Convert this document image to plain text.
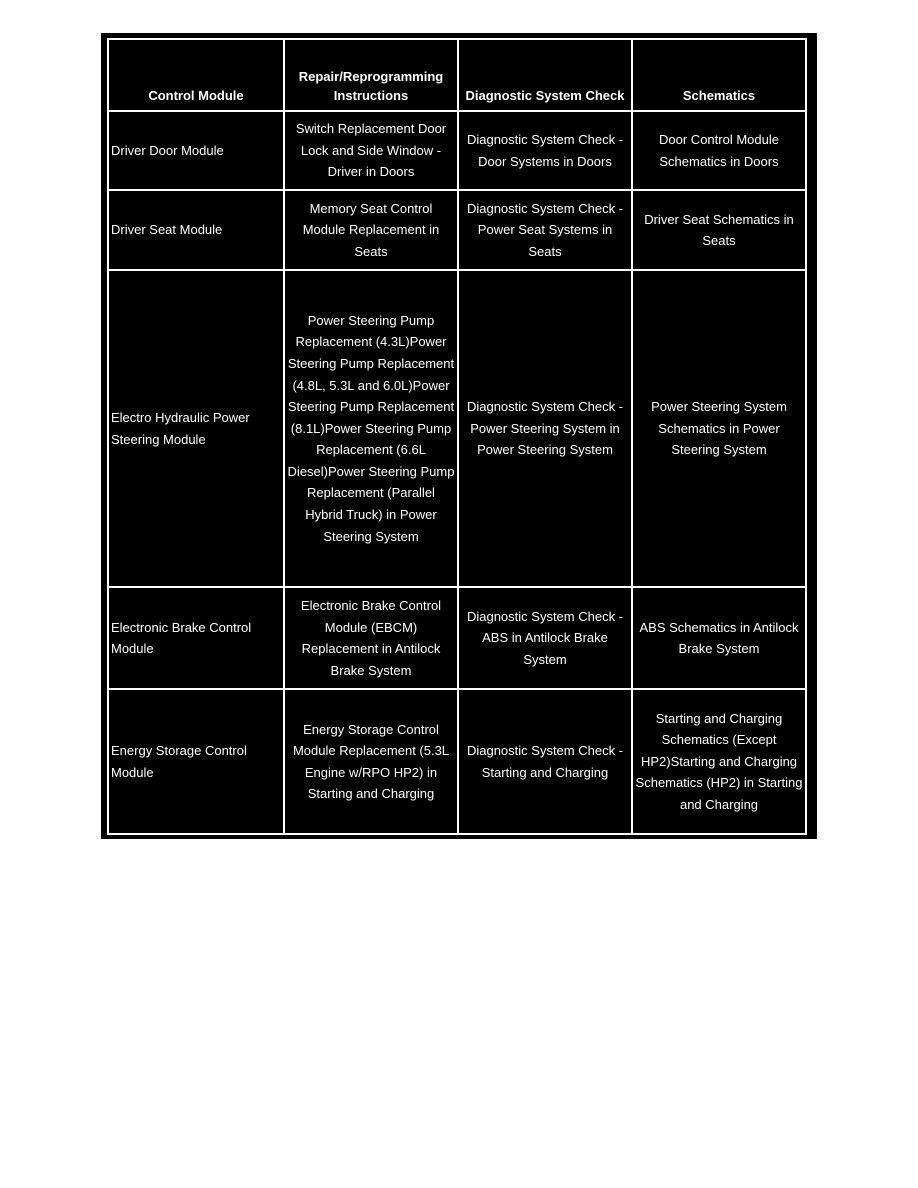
Control Module	Repair/Reprogramming Instructions	Diagnostic System Check	Schematics
Driver Door Module	Switch Replacement Door Lock and Side Window - Driver in Doors	Diagnostic System Check - Door Systems in Doors	Door Control Module Schematics in Doors
Driver Seat Module	Memory Seat Control Module Replacement in Seats	Diagnostic System Check - Power Seat Systems in Seats	Driver Seat Schematics in Seats
Electro Hydraulic Power Steering Module	Power Steering Pump Replacement (4.3L)Power Steering Pump Replacement (4.8L, 5.3L and 6.0L)Power Steering Pump Replacement (8.1L)Power Steering Pump Replacement (6.6L Diesel)Power Steering Pump Replacement (Parallel Hybrid Truck) in Power Steering System	Diagnostic System Check - Power Steering System in Power Steering System	Power Steering System Schematics in Power Steering System
Electronic Brake Control Module	Electronic Brake Control Module (EBCM) Replacement in Antilock Brake System	Diagnostic System Check - ABS in Antilock Brake System	ABS Schematics in Antilock Brake System
Energy Storage Control Module	Energy Storage Control Module Replacement (5.3L Engine w/RPO HP2) in Starting and Charging	Diagnostic System Check - Starting and Charging	Starting and Charging Schematics (Except HP2)Starting and Charging Schematics (HP2) in Starting and Charging
